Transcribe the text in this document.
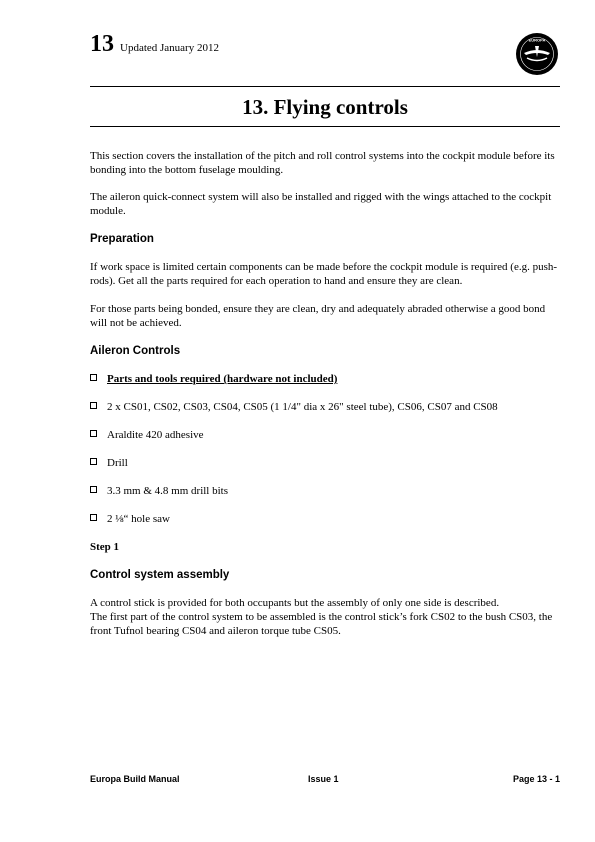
13 Updated January 2012
EUROPA
13. Flying controls
This section covers the installation of the pitch and roll control systems into the cockpit module before its bonding into the bottom fuselage moulding.
The aileron quick-connect system will also be installed and rigged with the wings attached to the cockpit module.
Preparation
If work space is limited certain components can be made before the cockpit module is required (e.g. push-rods). Get all the parts required for each operation to hand and ensure they are clean.
For those parts being bonded, ensure they are clean, dry and adequately abraded otherwise a good bond will not be achieved.
Aileron Controls
Parts and tools required (hardware not included)
2 x CS01, CS02, CS03, CS04, CS05 (1 1/4" dia x 26" steel tube), CS06, CS07 and CS08
Araldite 420 adhesive
Drill
3.3 mm & 4.8 mm drill bits
2 ⅛“ hole saw
Step 1
Control system assembly
A control stick is provided for both occupants but the assembly of only one side is described.
The first part of the control system to be assembled is the control stick’s fork CS02 to the bush CS03, the front Tufnol bearing CS04 and aileron torque tube CS05.
Europa Build Manual	Issue 1	Page 13 - 1
